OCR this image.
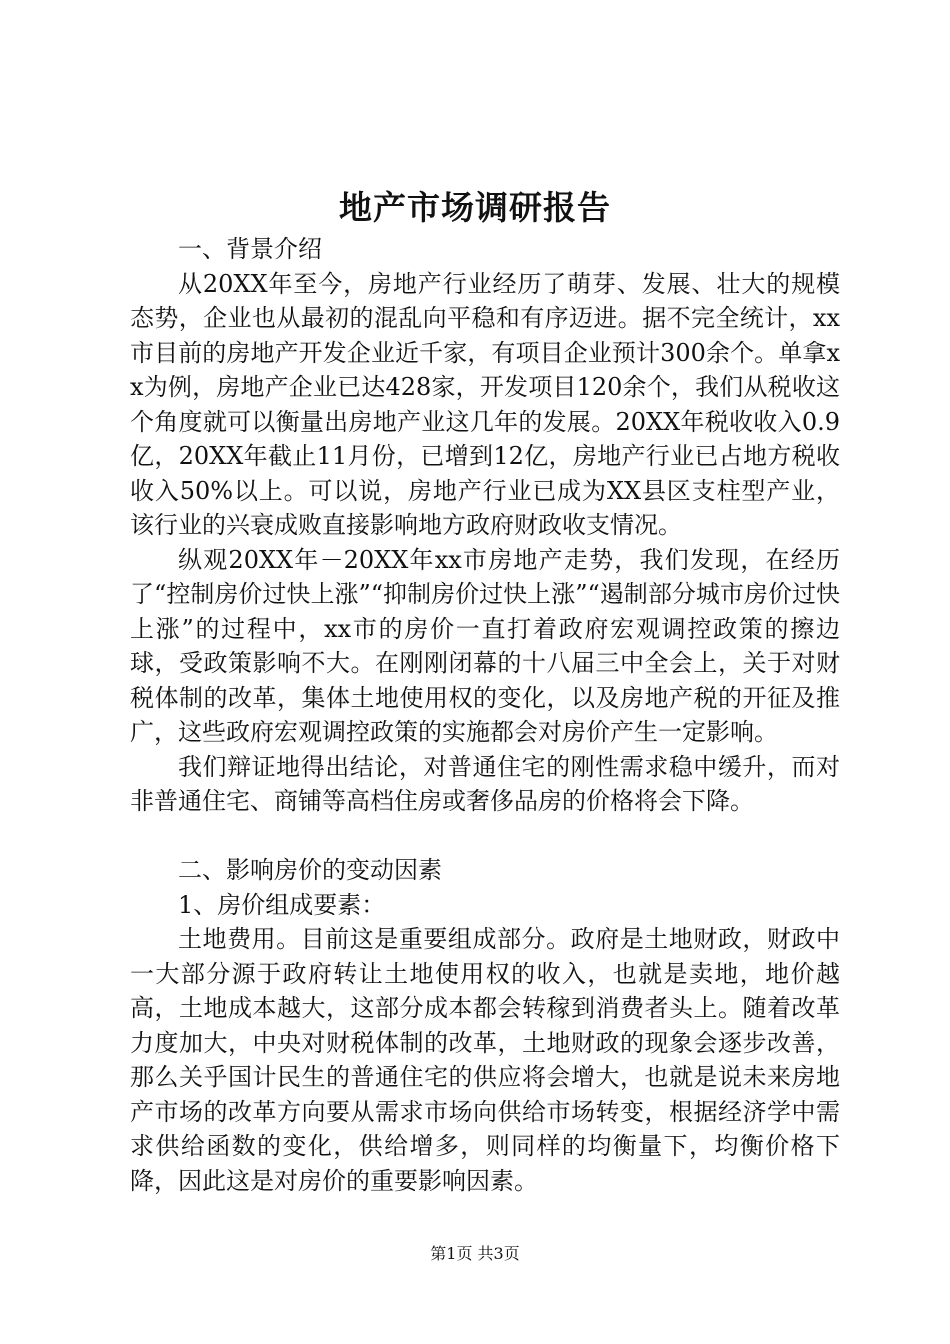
地产市场调研报告

一、背景介绍

从20XX年至今，房地产行业经历了萌芽、发展、壮大的规模态势，企业也从最初的混乱向平稳和有序迈进。据不完全统计，xx市目前的房地产开发企业近千家，有项目企业预计300余个。单拿xx为例，房地产企业已达428家，开发项目120余个，我们从税收这个角度就可以衡量出房地产业这几年的发展。20XX年税收收入0.9亿，20XX年截止11月份，已增到12亿，房地产行业已占地方税收收入50%以上。可以说，房地产行业已成为XX县区支柱型产业，该行业的兴衰成败直接影响地方政府财政收支情况。

纵观20XX年－20XX年xx市房地产走势，我们发现，在经历了“控制房价过快上涨”“抑制房价过快上涨”“遏制部分城市房价过快上涨”的过程中，xx市的房价一直打着政府宏观调控政策的擦边球，受政策影响不大。在刚刚闭幕的十八届三中全会上，关于对财税体制的改革，集体土地使用权的变化，以及房地产税的开征及推广，这些政府宏观调控政策的实施都会对房价产生一定影响。

我们辩证地得出结论，对普通住宅的刚性需求稳中缓升，而对非普通住宅、商铺等高档住房或奢侈品房的价格将会下降。

二、影响房价的变动因素

1、房价组成要素：

土地费用。目前这是重要组成部分。政府是土地财政，财政中一大部分源于政府转让土地使用权的收入，也就是卖地，地价越高，土地成本越大，这部分成本都会转稼到消费者头上。随着改革力度加大，中央对财税体制的改革，土地财政的现象会逐步改善，那么关乎国计民生的普通住宅的供应将会增大，也就是说未来房地产市场的改革方向要从需求市场向供给市场转变，根据经济学中需求供给函数的变化，供给增多，则同样的均衡量下，均衡价格下降，因此这是对房价的重要影响因素。

第1页 共3页
